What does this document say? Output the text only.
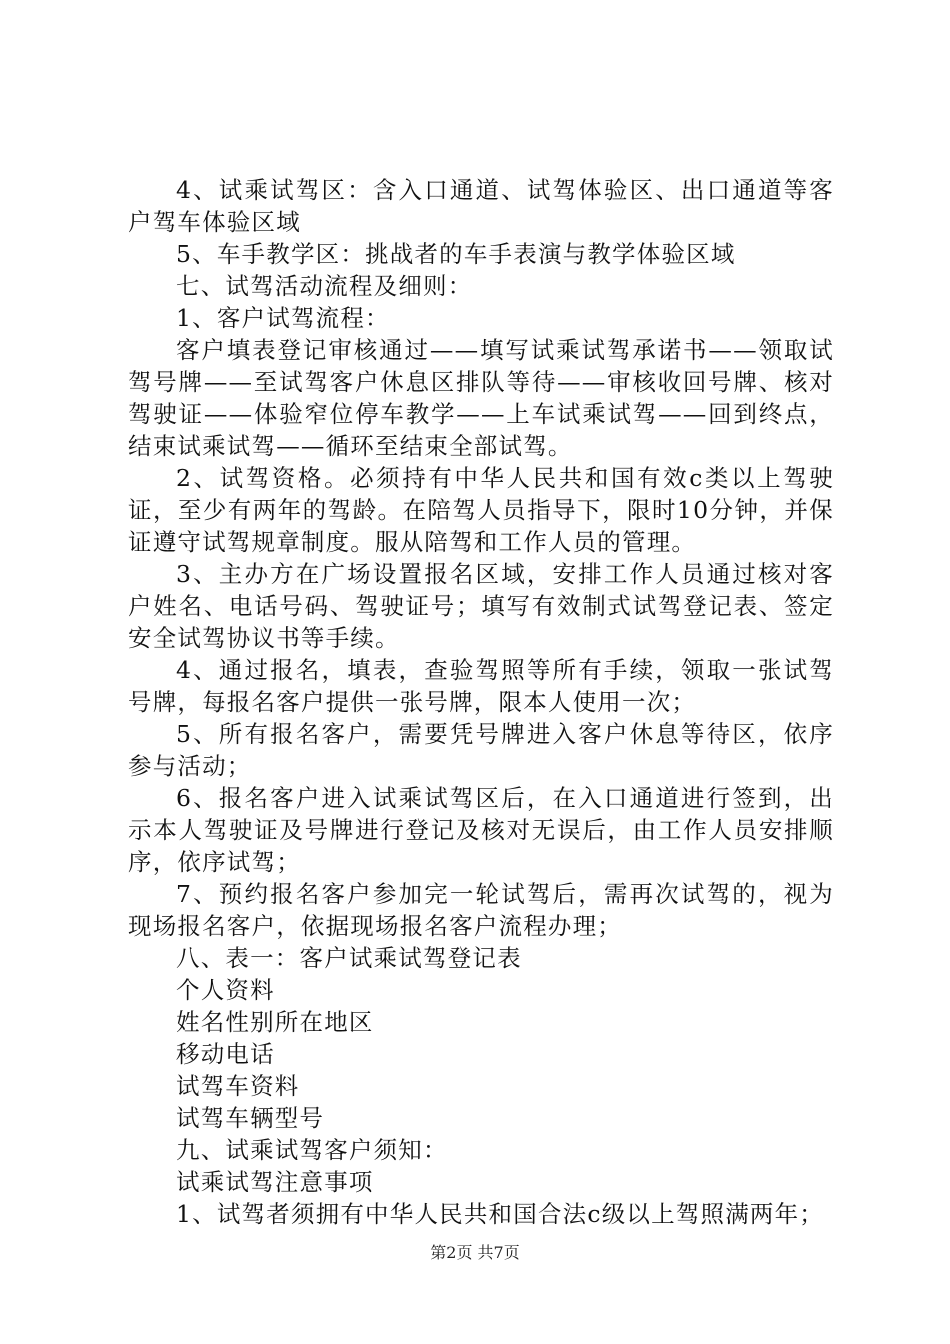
4、试乘试驾区：含入口通道、试驾体验区、出口通道等客户驾车体验区域

5、车手教学区：挑战者的车手表演与教学体验区域

七、试驾活动流程及细则：

1、客户试驾流程：

客户填表登记审核通过——填写试乘试驾承诺书——领取试驾号牌——至试驾客户休息区排队等待——审核收回号牌、核对驾驶证——体验窄位停车教学——上车试乘试驾——回到终点，结束试乘试驾——循环至结束全部试驾。

2、试驾资格。必须持有中华人民共和国有效c类以上驾驶证，至少有两年的驾龄。在陪驾人员指导下，限时10分钟，并保证遵守试驾规章制度。服从陪驾和工作人员的管理。

3、主办方在广场设置报名区域，安排工作人员通过核对客户姓名、电话号码、驾驶证号；填写有效制式试驾登记表、签定安全试驾协议书等手续。

4、通过报名，填表，查验驾照等所有手续，领取一张试驾号牌，每报名客户提供一张号牌，限本人使用一次；

5、所有报名客户，需要凭号牌进入客户休息等待区，依序参与活动；

6、报名客户进入试乘试驾区后，在入口通道进行签到，出示本人驾驶证及号牌进行登记及核对无误后，由工作人员安排顺序，依序试驾；

7、预约报名客户参加完一轮试驾后，需再次试驾的，视为现场报名客户，依据现场报名客户流程办理；

八、表一：客户试乘试驾登记表

个人资料

姓名性别所在地区

移动电话

试驾车资料

试驾车辆型号

九、试乘试驾客户须知：

试乘试驾注意事项

1、试驾者须拥有中华人民共和国合法c级以上驾照满两年；

第2页 共7页
